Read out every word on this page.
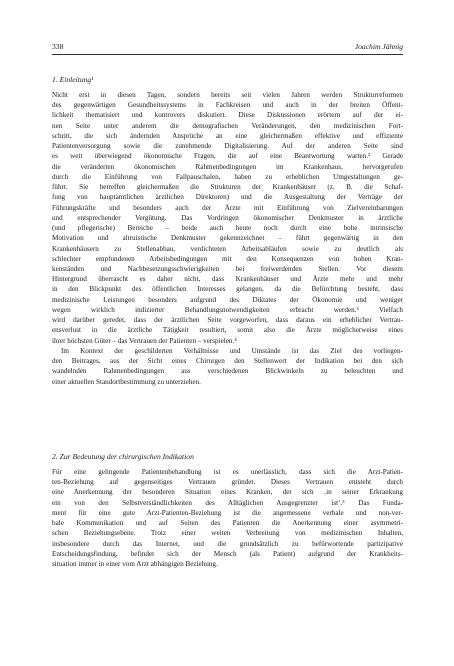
338	Joachim Jähnig
1. Einleitung¹
Nicht erst in diesen Tagen, sondern bereits seit vielen Jahren werden Strukturreformen
des gegenwärtigen Gesundheitssystems in Fachkreisen und auch in der breiten Öffent-
lichkeit thematisiert und kontrovers diskutiert. Diese Diskussionen erörtern auf der ei-
nen Seite unter anderem die demografischen Veränderungen, den medizinischen Fort-
schritt, die sich ändernden Ansprüche an eine gleichermaßen effektive und effiziente
Patientenversorgung sowie die zunehmende Digitalisierung. Auf der anderen Seite sind
es weit überwiegend ökonomische Fragen, die auf eine Beantwortung warten.² Gerade
die veränderten ökonomischen Rahmenbedingungen im Krankenhaus, hervorgerufen
durch die Einführung von Fallpauschalen, haben zu erheblichen Umgestaltungen ge-
führt. Sie betreffen gleichermaßen die Strukturen der Krankenhäuser (z. B. die Schaf-
fung von hauptamtlichen ärztlichen Direktoren) und die Ausgestaltung der Verträge der
Führungskräfte und besonders auch der Ärzte mit Einführung von Zielvereinbarungen
und entsprechender Vergütung. Das Vordringen ökonomischer Denkmuster in ärztliche
(und pflegerische) Bereiche – beide auch heute noch durch eine hohe intrinsische
Motivation und altruistische Denkmuster gekennzeichnet – führt gegenwärtig in den
Krankenhäusern zu Stellenabbau, verdichteten Arbeitsabläufen sowie zu deutlich als
schlechter empfundenen Arbeitsbedingungen mit den Konsequenzen von hohen Kran-
kenständen und Nachbesetzungsschwierigkeiten bei freiwerdenden Stellen. Vor diesem
Hintergrund überrascht es daher nicht, dass Krankenhäuser und Ärzte mehr und mehr
in den Blickpunkt des öffentlichen Interesses gelangen, da die Befürchtung besteht, dass
medizinische Leistungen besonders aufgrund des Diktates der Ökonomie und weniger
wegen wirklich indizierter Behandlungsnotwendigkeiten erbracht werden.³ Vielfach
wird darüber geredet, dass der ärztlichen Seite vorgeworfen, dass daraus ein erheblicher Vertrau-
ensverlust in die ärztliche Tätigkeit resultiert, somit also die Ärzte möglicherweise eines
ihrer höchsten Güter – das Vertrauen der Patienten – verspielen.⁴
Im Kontext der geschilderten Verhältnisse und Umstände ist das Ziel des vorliegen-
den Beitrages, aus der Sicht eines Chirurgen den Stellenwert der Indikation bei den sich
wandelnden Rahmenbedingungen aus verschiedenen Blickwinkeln zu beleuchten und
einer aktuellen Standortbestimmung zu unterziehen.
2. Zur Bedeutung der chirurgischen Indikation
Für eine gelingende Patientenbehandlung ist es unerlässlich, dass sich die Arzt-Patien-
ten-Beziehung auf gegenseitiges Vertrauen gründet. Dieses Vertrauen entsteht durch
eine Anerkennung der besonderen Situation eines Kranken, der sich ‚in seiner Erkrankung
ein von den Selbstverständlichkeiten des Alltäglichen Ausgegrenzter ist‘.⁵ Das Funda-
ment für eine gute Arzt-Patienten-Beziehung ist die angemessene verbale und non-ver-
bale Kommunikation und auf Seiten des Patienten die Anerkennung einer asymmetri-
schen Beziehungsebene. Trotz einer weiten Verbreitung von medizinischen Inhalten,
insbesondere durch das Internet, und die grundsätzlich zu befürwortende partizipative
Entscheidungsfindung, befindet sich der Mensch (als Patient) aufgrund der Krankheits-
situation immer in einer vom Arzt abhängigen Beziehung.
